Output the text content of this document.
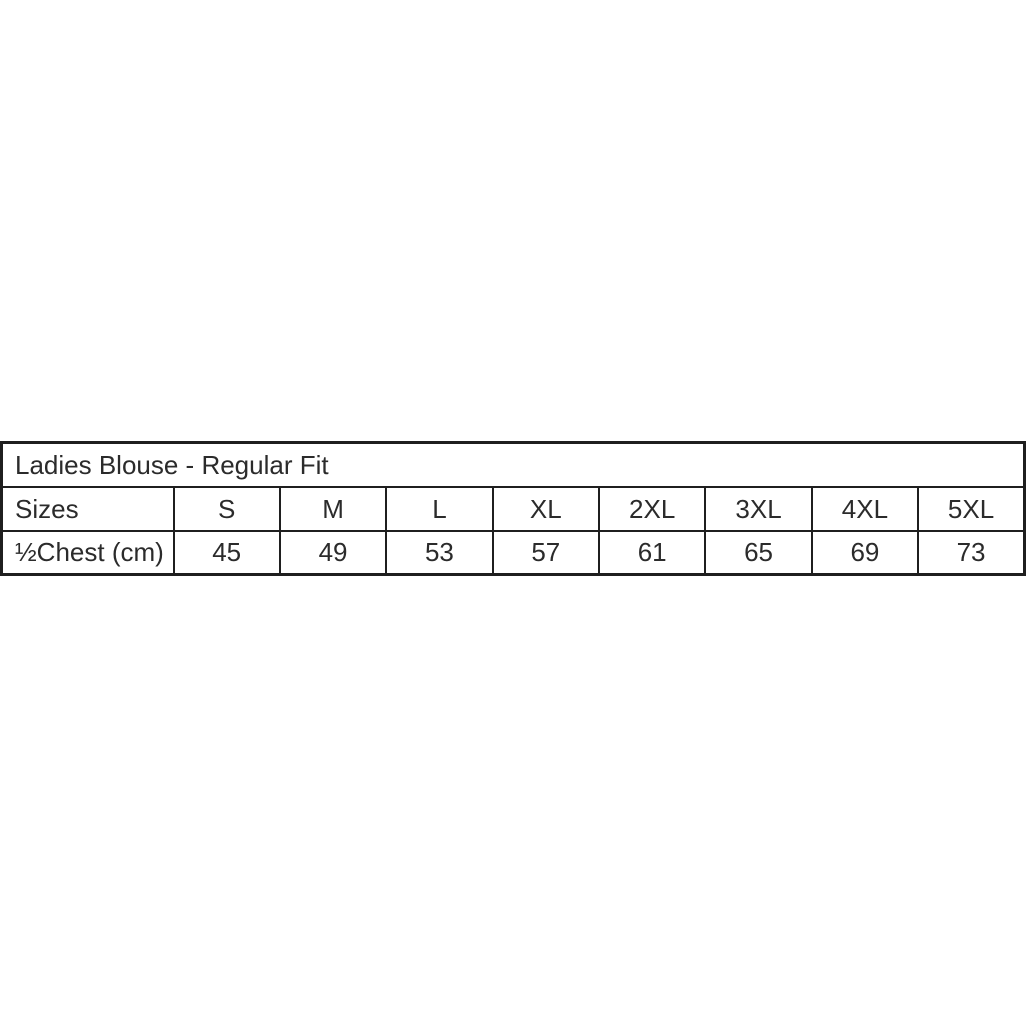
Ladies Blouse - Regular Fit								
Sizes	S	M	L	XL	2XL	3XL	4XL	5XL
½Chest (cm)	45	49	53	57	61	65	69	73
